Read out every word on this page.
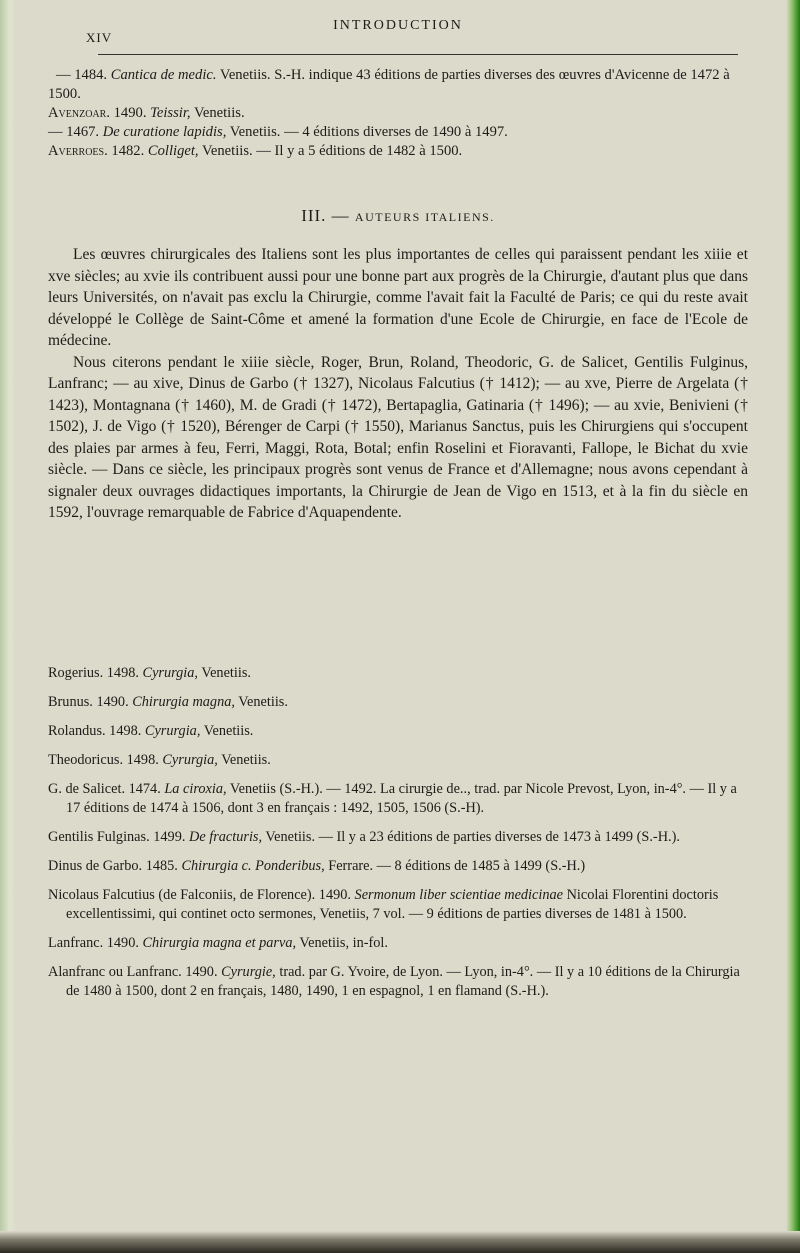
XIV
INTRODUCTION

— 1484. Cantica de medic. Venetiis. S.-H. indique 43 éditions de parties diverses des œuvres d'Avicenne de 1472 à 1500.

Avenzoar. 1490. Teissir, Venetiis.

— 1467. De curatione lapidis, Venetiis. — 4 éditions diverses de 1490 à 1497.

Averroes. 1482. Colliget, Venetiis. — Il y a 5 éditions de 1482 à 1500.

III. — AUTEURS ITALIENS.

Les œuvres chirurgicales des Italiens sont les plus importantes de celles qui paraissent pendant les xiiie et xve siècles; au xvie ils contribuent aussi pour une bonne part aux progrès de la Chirurgie, d'autant plus que dans leurs Universités, on n'avait pas exclu la Chirurgie, comme l'avait fait la Faculté de Paris; ce qui du reste avait développé le Collège de Saint-Côme et amené la formation d'une Ecole de Chirurgie, en face de l'Ecole de médecine.

Nous citerons pendant le xiiie siècle, Roger, Brun, Roland, Theodoric, G. de Salicet, Gentilis Fulginus, Lanfranc; — au xive, Dinus de Garbo († 1327), Nicolaus Falcutius († 1412); — au xve, Pierre de Argelata († 1423), Montagnana († 1460), M. de Gradi († 1472), Bertapaglia, Gatinaria († 1496); — au xvie, Benivieni († 1502), J. de Vigo († 1520), Bérenger de Carpi († 1550), Marianus Sanctus, puis les Chirurgiens qui s'occupent des plaies par armes à feu, Ferri, Maggi, Rota, Botal; enfin Roselini et Fioravanti, Fallope, le Bichat du xvie siècle. — Dans ce siècle, les principaux progrès sont venus de France et d'Allemagne; nous avons cependant à signaler deux ouvrages didactiques importants, la Chirurgie de Jean de Vigo en 1513, et à la fin du siècle en 1592, l'ouvrage remarquable de Fabrice d'Aquapendente.

Rogerius. 1498. Cyrurgia, Venetiis.

Brunus. 1490. Chirurgia magna, Venetiis.

Rolandus. 1498. Cyrurgia, Venetiis.

Theodoricus. 1498. Cyrurgia, Venetiis.

G. de Salicet. 1474. La ciroxia, Venetiis (S.-H.). — 1492. La cirurgie de.., trad. par Nicole Prevost, Lyon, in-4°. — Il y a 17 éditions de 1474 à 1506, dont 3 en français : 1492, 1505, 1506 (S.-H).

Gentilis Fulginas. 1499. De fracturis, Venetiis. — Il y a 23 éditions de parties diverses de 1473 à 1499 (S.-H.).

Dinus de Garbo. 1485. Chirurgia c. Ponderibus, Ferrare. — 8 éditions de 1485 à 1499 (S.-H.)

Nicolaus Falcutius (de Falconiis, de Florence). 1490. Sermonum liber scientiae medicinae Nicolai Florentini doctoris excellentissimi, qui continet octo sermones, Venetiis, 7 vol. — 9 éditions de parties diverses de 1481 à 1500.

Lanfranc. 1490. Chirurgia magna et parva, Venetiis, in-fol.

Alanfranc ou Lanfranc. 1490. Cyrurgie, trad. par G. Yvoire, de Lyon. — Lyon, in-4°. — Il y a 10 éditions de la Chirurgia de 1480 à 1500, dont 2 en français, 1480, 1490, 1 en espagnol, 1 en flamand (S.-H.).
